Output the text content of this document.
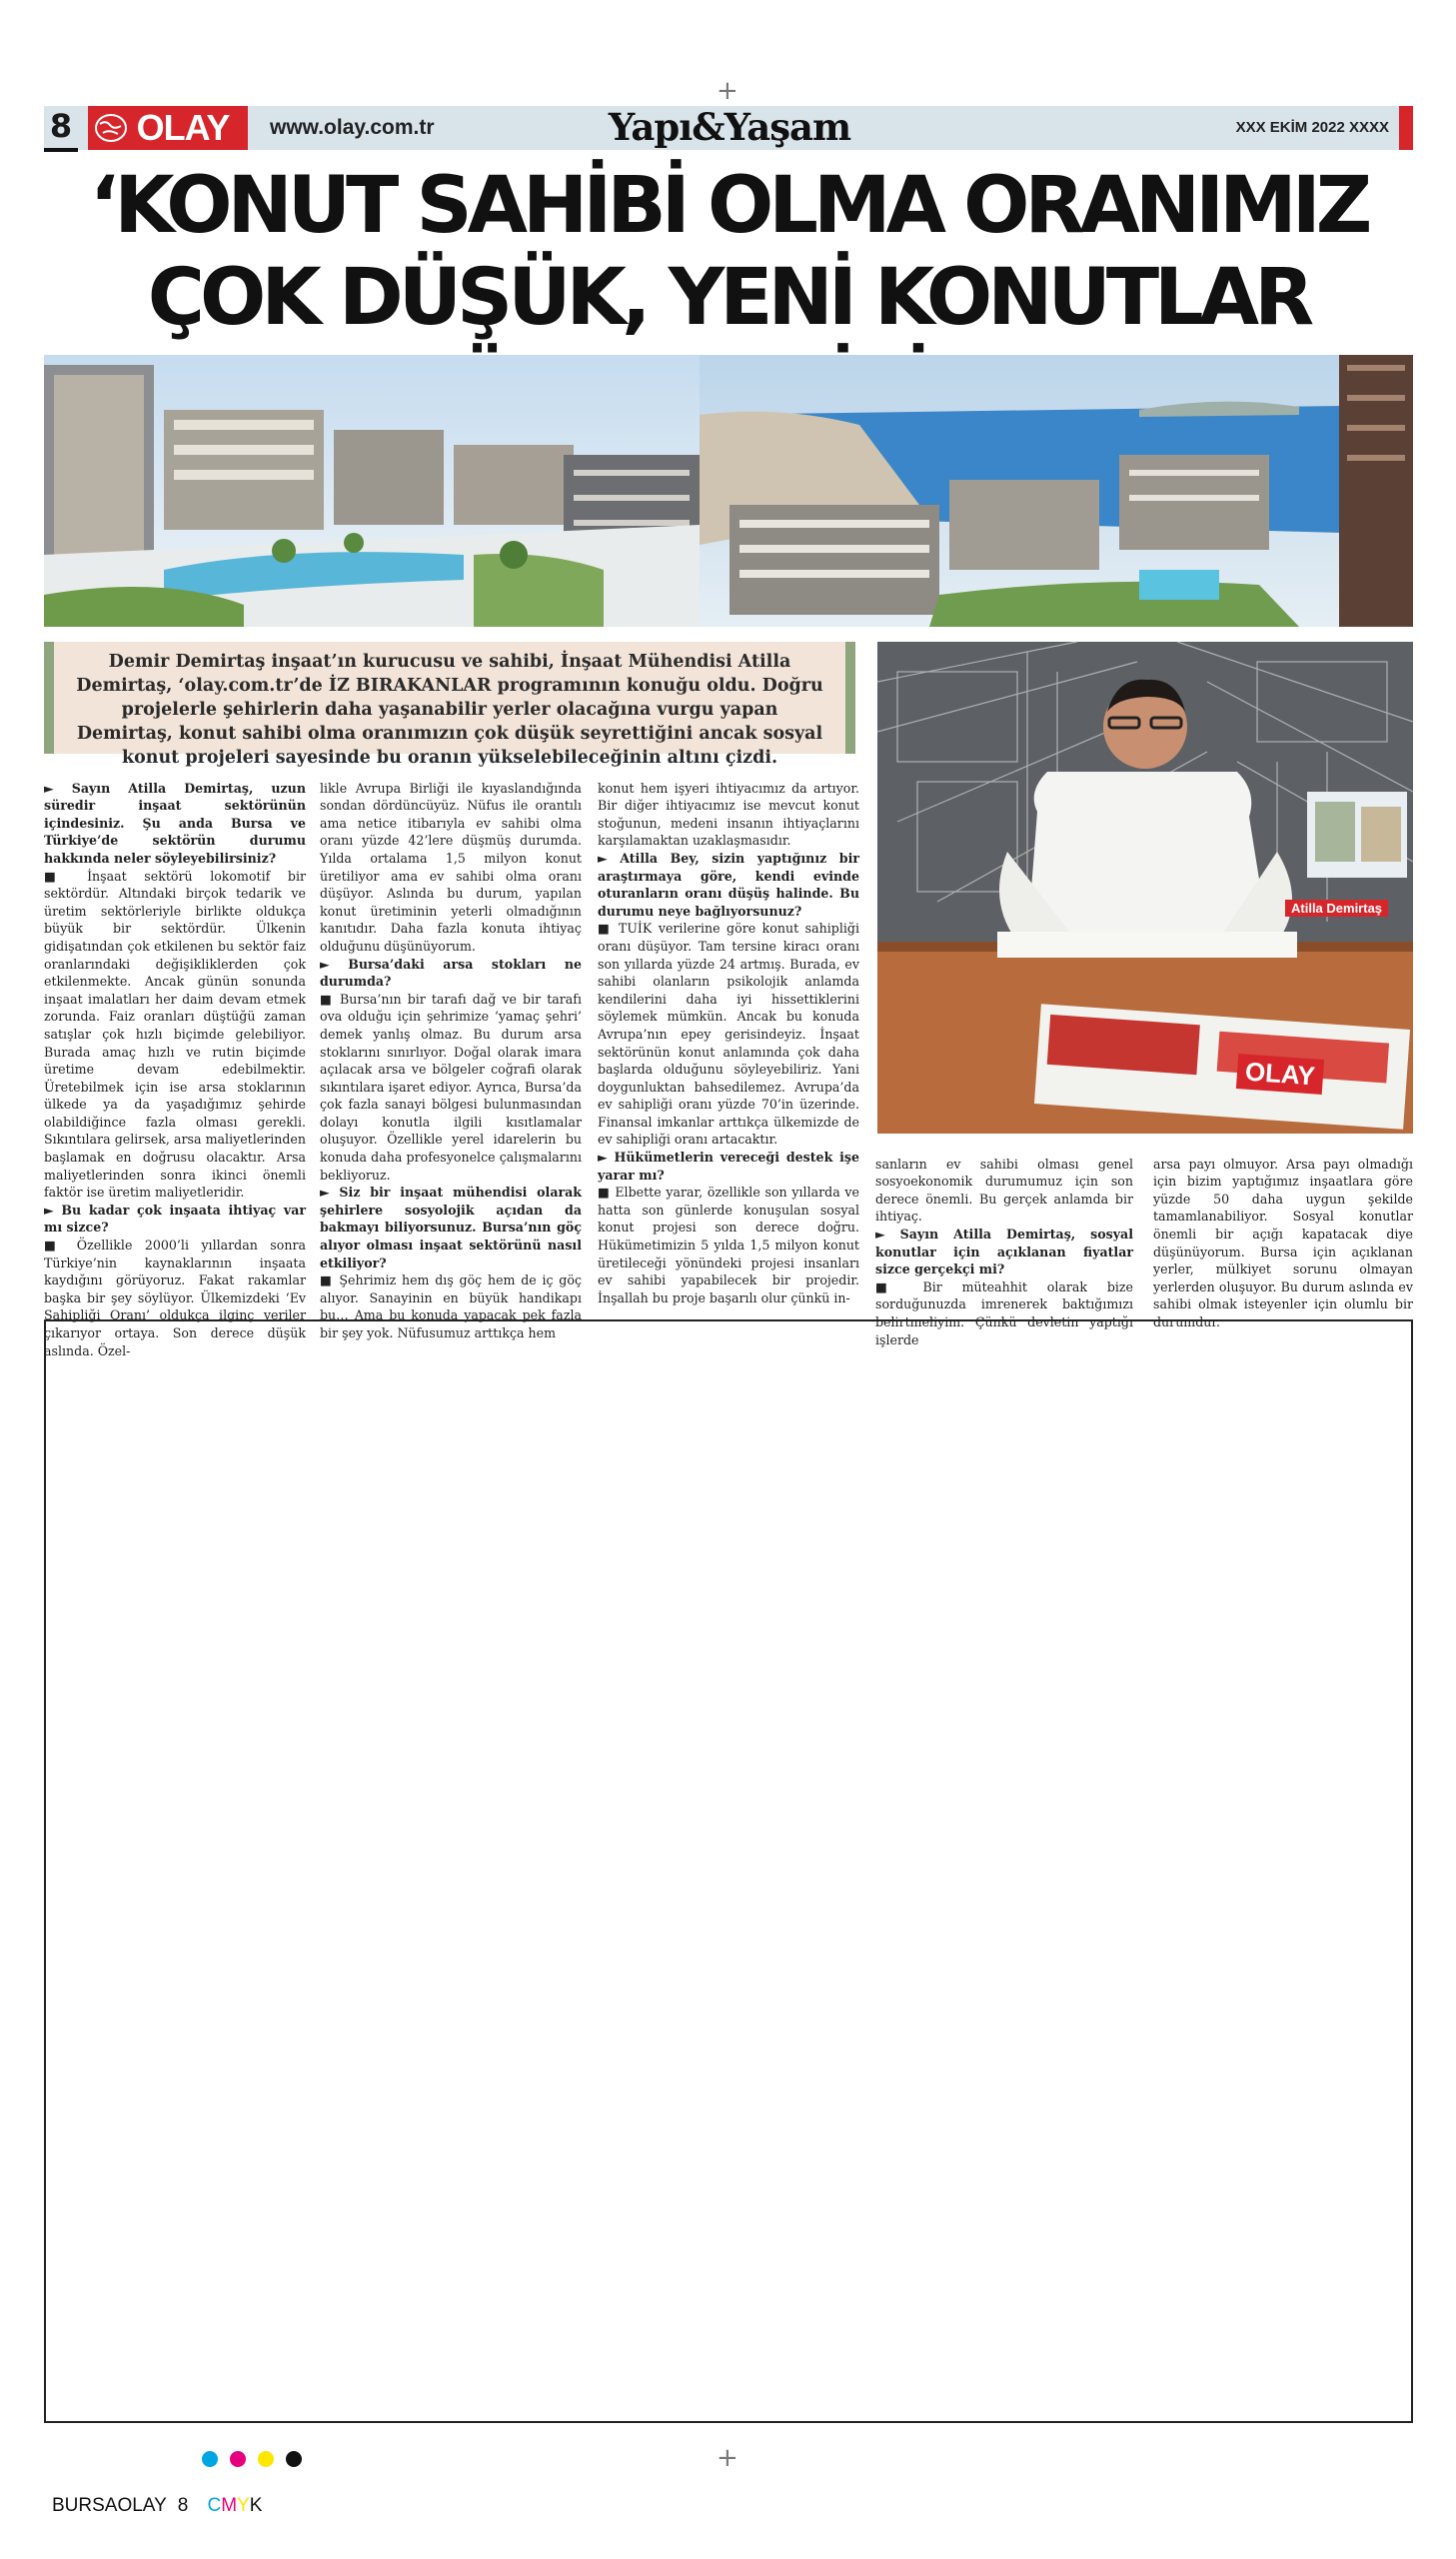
+
+
8	OLAY	www.olay.com.tr	Yapı&Yaşam	XXX EKİM 2022 XXXX
‘KONUT SAHİBİ OLMA ORANIMIZ ÇOK DÜŞÜK, YENİ KONUTLAR
Demir Demirtaş inşaat’ın kurucusu ve sahibi, İnşaat Mühendisi Atilla Demirtaş, ‘olay.com.tr’de İZ BIRAKANLAR programının konuğu oldu. Doğru projelerle şehirlerin daha yaşanabilir yerler olacağına vurgu yapan Demirtaş, konut sahibi olma oranımızın çok düşük seyrettiğini ancak sosyal konut projeleri sayesinde bu oranın yükselebileceğinin altını çizdi.
Atilla Demirtaş
OLAY

► Sayın Atilla Demirtaş, uzun süredir inşaat sektörünün içindesiniz. Şu anda Bursa ve Türkiye’de sektörün durumu hakkında neler söyleyebilirsiniz?
■ İnşaat sektörü lokomotif bir sektördür. Altındaki birçok tedarik ve üretim sektörleriyle birlikte oldukça büyük bir sektördür. Ülkenin gidişatından çok etkilenen bu sektör faiz oranlarındaki değişikliklerden çok etkilenmekte. Ancak günün sonunda inşaat imalatları her daim devam etmek zorunda. Faiz oranları düştüğü zaman satışlar çok hızlı biçimde gelebiliyor. Burada amaç hızlı ve rutin biçimde üretime devam edebilmektir. Üretebilmek için ise arsa stoklarının ülkede ya da yaşadığımız şehirde olabildiğince fazla olması gerekli. Sıkıntılara gelirsek, arsa maliyetlerinden başlamak en doğrusu olacaktır. Arsa maliyetlerinden sonra ikinci önemli faktör ise üretim maliyetleridir.
► Bu kadar çok inşaata ihtiyaç var mı sizce?
■ Özellikle 2000’li yıllardan sonra Türkiye’nin kaynaklarının inşaata kaydığını görüyoruz. Fakat rakamlar başka bir şey söylüyor. Ülkemizdeki ‘Ev Sahipliği Oranı’ oldukça ilginç veriler çıkarıyor ortaya. Son derece düşük aslında. Özel-

likle Avrupa Birliği ile kıyaslandığında sondan dördüncüyüz. Nüfus ile orantılı ama netice itibarıyla ev sahibi olma oranı yüzde 42’lere düşmüş durumda. Yılda ortalama 1,5 milyon konut üretiliyor ama ev sahibi olma oranı düşüyor. Aslında bu durum, yapılan konut üretiminin yeterli olmadığının kanıtıdır. Daha fazla konuta ihtiyaç olduğunu düşünüyorum.
► Bursa’daki arsa stokları ne durumda?
■ Bursa’nın bir tarafı dağ ve bir tarafı ova olduğu için şehrimize ‘yamaç şehri’ demek yanlış olmaz. Bu durum arsa stoklarını sınırlıyor. Doğal olarak imara açılacak arsa ve bölgeler coğrafi olarak sıkıntılara işaret ediyor. Ayrıca, Bursa’da çok fazla sanayi bölgesi bulunmasından dolayı konutla ilgili kısıtlamalar oluşuyor. Özellikle yerel idarelerin bu konuda daha profesyonelce çalışmalarını bekliyoruz.
► Siz bir inşaat mühendisi olarak şehirlere sosyolojik açıdan da bakmayı biliyorsunuz. Bursa’nın göç alıyor olması inşaat sektörünü nasıl etkiliyor?
■ Şehrimiz hem dış göç hem de iç göç alıyor. Sanayinin en büyük handikapı bu… Ama bu konuda yapacak pek fazla bir şey yok. Nüfusumuz arttıkça hem

konut hem işyeri ihtiyacımız da artıyor. Bir diğer ihtiyacımız ise mevcut konut stoğunun, medeni insanın ihtiyaçlarını karşılamaktan uzaklaşmasıdır.
► Atilla Bey, sizin yaptığınız bir araştırmaya göre, kendi evinde oturanların oranı düşüş halinde. Bu durumu neye bağlıyorsunuz?
■ TUİK verilerine göre konut sahipliği oranı düşüyor. Tam tersine kiracı oranı son yıllarda yüzde 24 artmış. Burada, ev sahibi olanların psikolojik anlamda kendilerini daha iyi hissettiklerini söylemek mümkün. Ancak bu konuda Avrupa’nın epey gerisindeyiz. İnşaat sektörünün konut anlamında çok daha başlarda olduğunu söyleyebiliriz. Yani doygunluktan bahsedilemez. Avrupa’da ev sahipliği oranı yüzde 70’in üzerinde. Finansal imkanlar arttıkça ülkemizde de ev sahipliği oranı artacaktır.
► Hükümetlerin vereceği destek işe yarar mı?
■ Elbette yarar, özellikle son yıllarda ve hatta son günlerde konuşulan sosyal konut projesi son derece doğru. Hükümetimizin 5 yılda 1,5 milyon konut üretileceği yönündeki projesi insanları ev sahibi yapabilecek bir projedir. İnşallah bu proje başarılı olur çünkü in-

sanların ev sahibi olması genel sosyoekonomik durumumuz için son derece önemli. Bu gerçek anlamda bir ihtiyaç.
► Sayın Atilla Demirtaş, sosyal konutlar için açıklanan fiyatlar sizce gerçekçi mi?
■ Bir müteahhit olarak bize sorduğunuzda imrenerek baktığımızı belirtmeliyim. Çünkü devletin yaptığı işlerde

arsa payı olmuyor. Arsa payı olmadığı için bizim yaptığımız inşaatlara göre yüzde 50 daha uygun şekilde tamamlanabiliyor. Sosyal konutlar önemli bir açığı kapatacak diye düşünüyorum. Bursa için açıklanan yerler, mülkiyet sorunu olmayan yerlerden oluşuyor. Bu durum aslında ev sahibi olmak isteyenler için olumlu bir durumdur.

BURSAOLAY 8 CMYK
